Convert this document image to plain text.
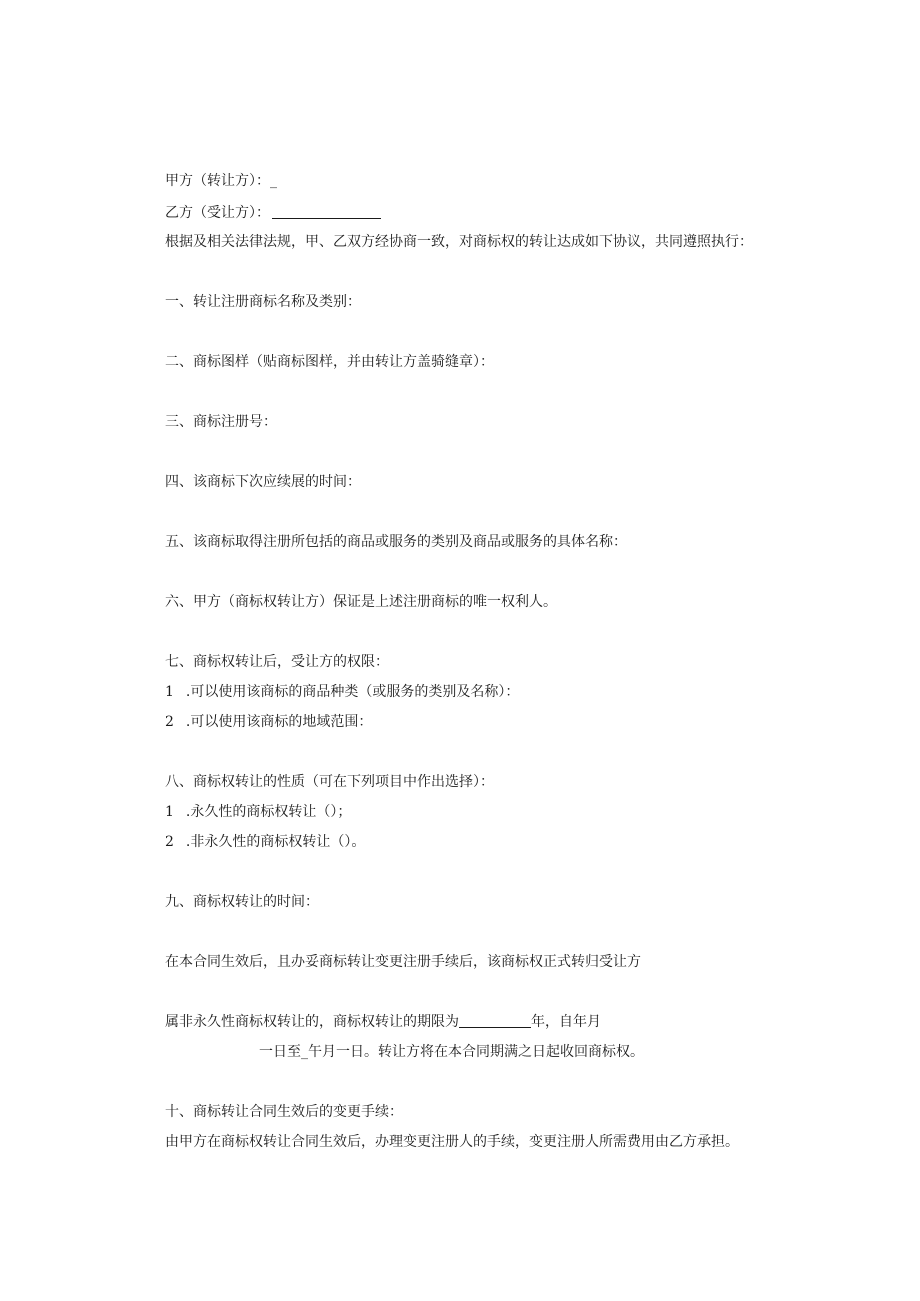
甲方（转让方）：_
乙方（受让方）：
根据及相关法律法规，甲、乙双方经协商一致，对商标权的转让达成如下协议，共同遵照执行：
一、转让注册商标名称及类别：
二、商标图样（贴商标图样，并由转让方盖骑缝章）：
三、商标注册号：
四、该商标下次应续展的时间：
五、该商标取得注册所包括的商品或服务的类别及商品或服务的具体名称：
六、甲方（商标权转让方）保证是上述注册商标的唯一权利人。
七、商标权转让后，受让方的权限：
1 .可以使用该商标的商品种类（或服务的类别及名称）：
2 .可以使用该商标的地域范围：
八、商标权转让的性质（可在下列项目中作出选择）：
1 .永久性的商标权转让（）；
2 .非永久性的商标权转让（）。
九、商标权转让的时间：
在本合同生效后，且办妥商标转让变更注册手续后，该商标权正式转归受让方
属非永久性商标权转让的，商标权转让的期限为	年，自年月
一日至_午月一日。转让方将在本合同期满之日起收回商标权。
十、商标转让合同生效后的变更手续：
由甲方在商标权转让合同生效后，办理变更注册人的手续，变更注册人所需费用由乙方承担。
